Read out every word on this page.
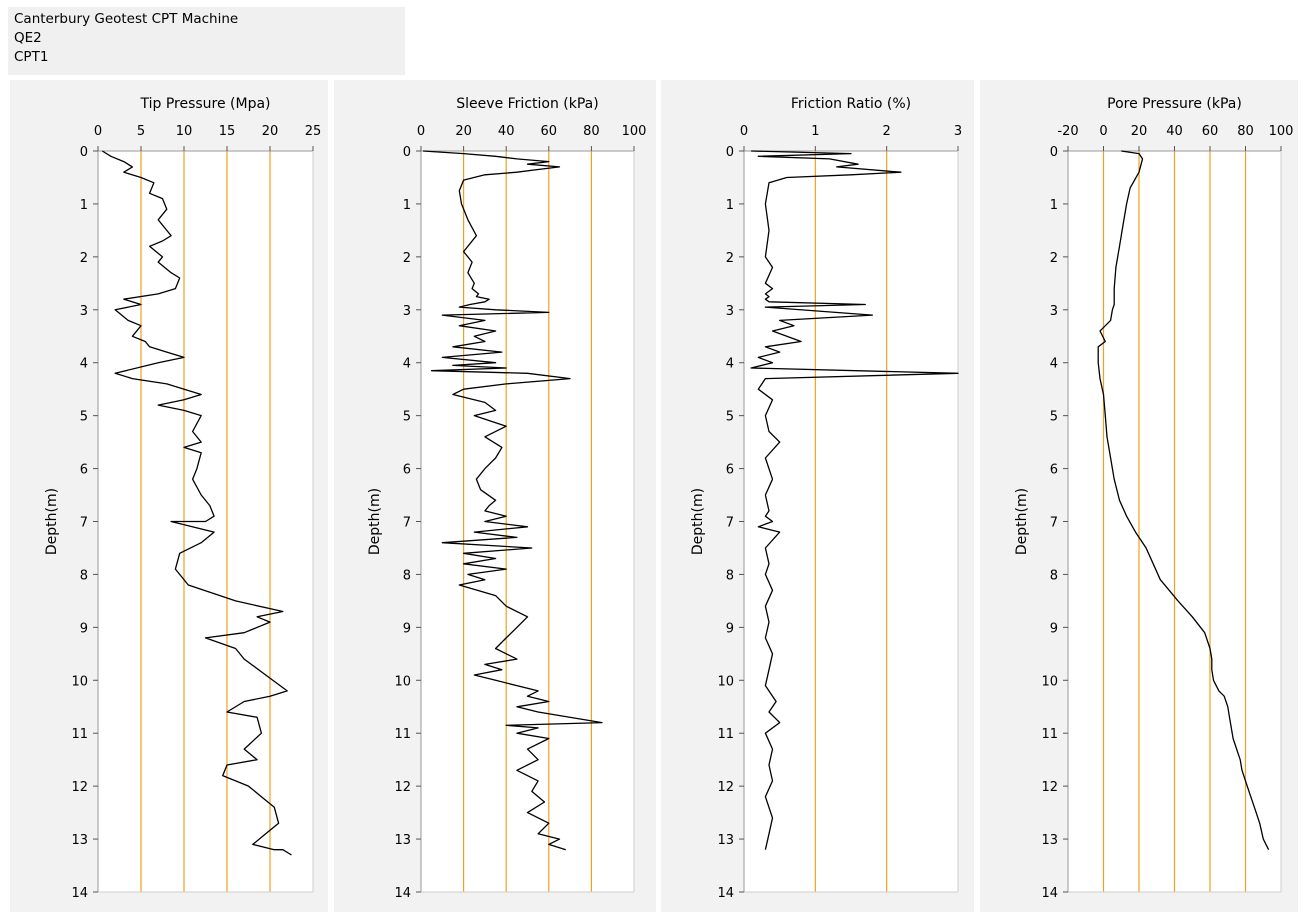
Canterbury Geotest CPT Machine
QE2
CPT1
0	5 10 15 20 25
0
1
2
3
4
5
6
7
8
9
10
11
12
13
14
Tip Pressure (Mpa)
Depth(m)
0 20 40 60 80 100
0
1
2
3
4
5
6
7
8
9
10
11
12
13
14
Sleeve Friction (kPa)
Depth(m)
0	1	2	3
0
1
2
3
4
5
6
7
8
9
10
11
12
13
14
Friction Ratio (%)
Depth(m)
-20 0 20 40 60 80 100
0
1
2
3
4
5
6
7
8
9
10
11
12
13
14
Pore Pressure (kPa)
Depth(m)
